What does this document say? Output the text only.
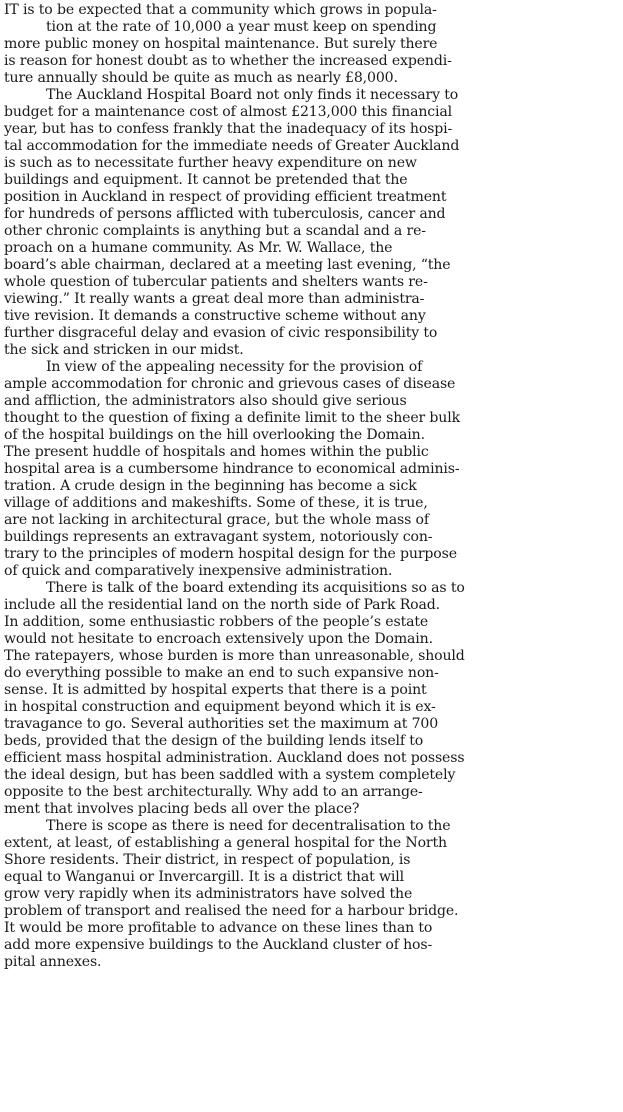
IT is to be expected that a community which grows in popula-
tion at the rate of 10,000 a year must keep on spending
more public money on hospital maintenance. But surely there
is reason for honest doubt as to whether the increased expendi-
ture annually should be quite as much as nearly £8,000.
The Auckland Hospital Board not only finds it necessary to
budget for a maintenance cost of almost £213,000 this financial
year, but has to confess frankly that the inadequacy of its hospi-
tal accommodation for the immediate needs of Greater Auckland
is such as to necessitate further heavy expenditure on new
buildings and equipment. It cannot be pretended that the
position in Auckland in respect of providing efficient treatment
for hundreds of persons afflicted with tuberculosis, cancer and
other chronic complaints is anything but a scandal and a re-
proach on a humane community. As Mr. W. Wallace, the
board’s able chairman, declared at a meeting last evening, “the
whole question of tubercular patients and shelters wants re-
viewing.” It really wants a great deal more than administra-
tive revision. It demands a constructive scheme without any
further disgraceful delay and evasion of civic responsibility to
the sick and stricken in our midst.
In view of the appealing necessity for the provision of
ample accommodation for chronic and grievous cases of disease
and affliction, the administrators also should give serious
thought to the question of fixing a definite limit to the sheer bulk
of the hospital buildings on the hill overlooking the Domain.
The present huddle of hospitals and homes within the public
hospital area is a cumbersome hindrance to economical adminis-
tration. A crude design in the beginning has become a sick
village of additions and makeshifts. Some of these, it is true,
are not lacking in architectural grace, but the whole mass of
buildings represents an extravagant system, notoriously con-
trary to the principles of modern hospital design for the purpose
of quick and comparatively inexpensive administration.
There is talk of the board extending its acquisitions so as to
include all the residential land on the north side of Park Road.
In addition, some enthusiastic robbers of the people’s estate
would not hesitate to encroach extensively upon the Domain.
The ratepayers, whose burden is more than unreasonable, should
do everything possible to make an end to such expansive non-
sense. It is admitted by hospital experts that there is a point
in hospital construction and equipment beyond which it is ex-
travagance to go. Several authorities set the maximum at 700
beds, provided that the design of the building lends itself to
efficient mass hospital administration. Auckland does not possess
the ideal design, but has been saddled with a system completely
opposite to the best architecturally. Why add to an arrange-
ment that involves placing beds all over the place?
There is scope as there is need for decentralisation to the
extent, at least, of establishing a general hospital for the North
Shore residents. Their district, in respect of population, is
equal to Wanganui or Invercargill. It is a district that will
grow very rapidly when its administrators have solved the
problem of transport and realised the need for a harbour bridge.
It would be more profitable to advance on these lines than to
add more expensive buildings to the Auckland cluster of hos-
pital annexes.
